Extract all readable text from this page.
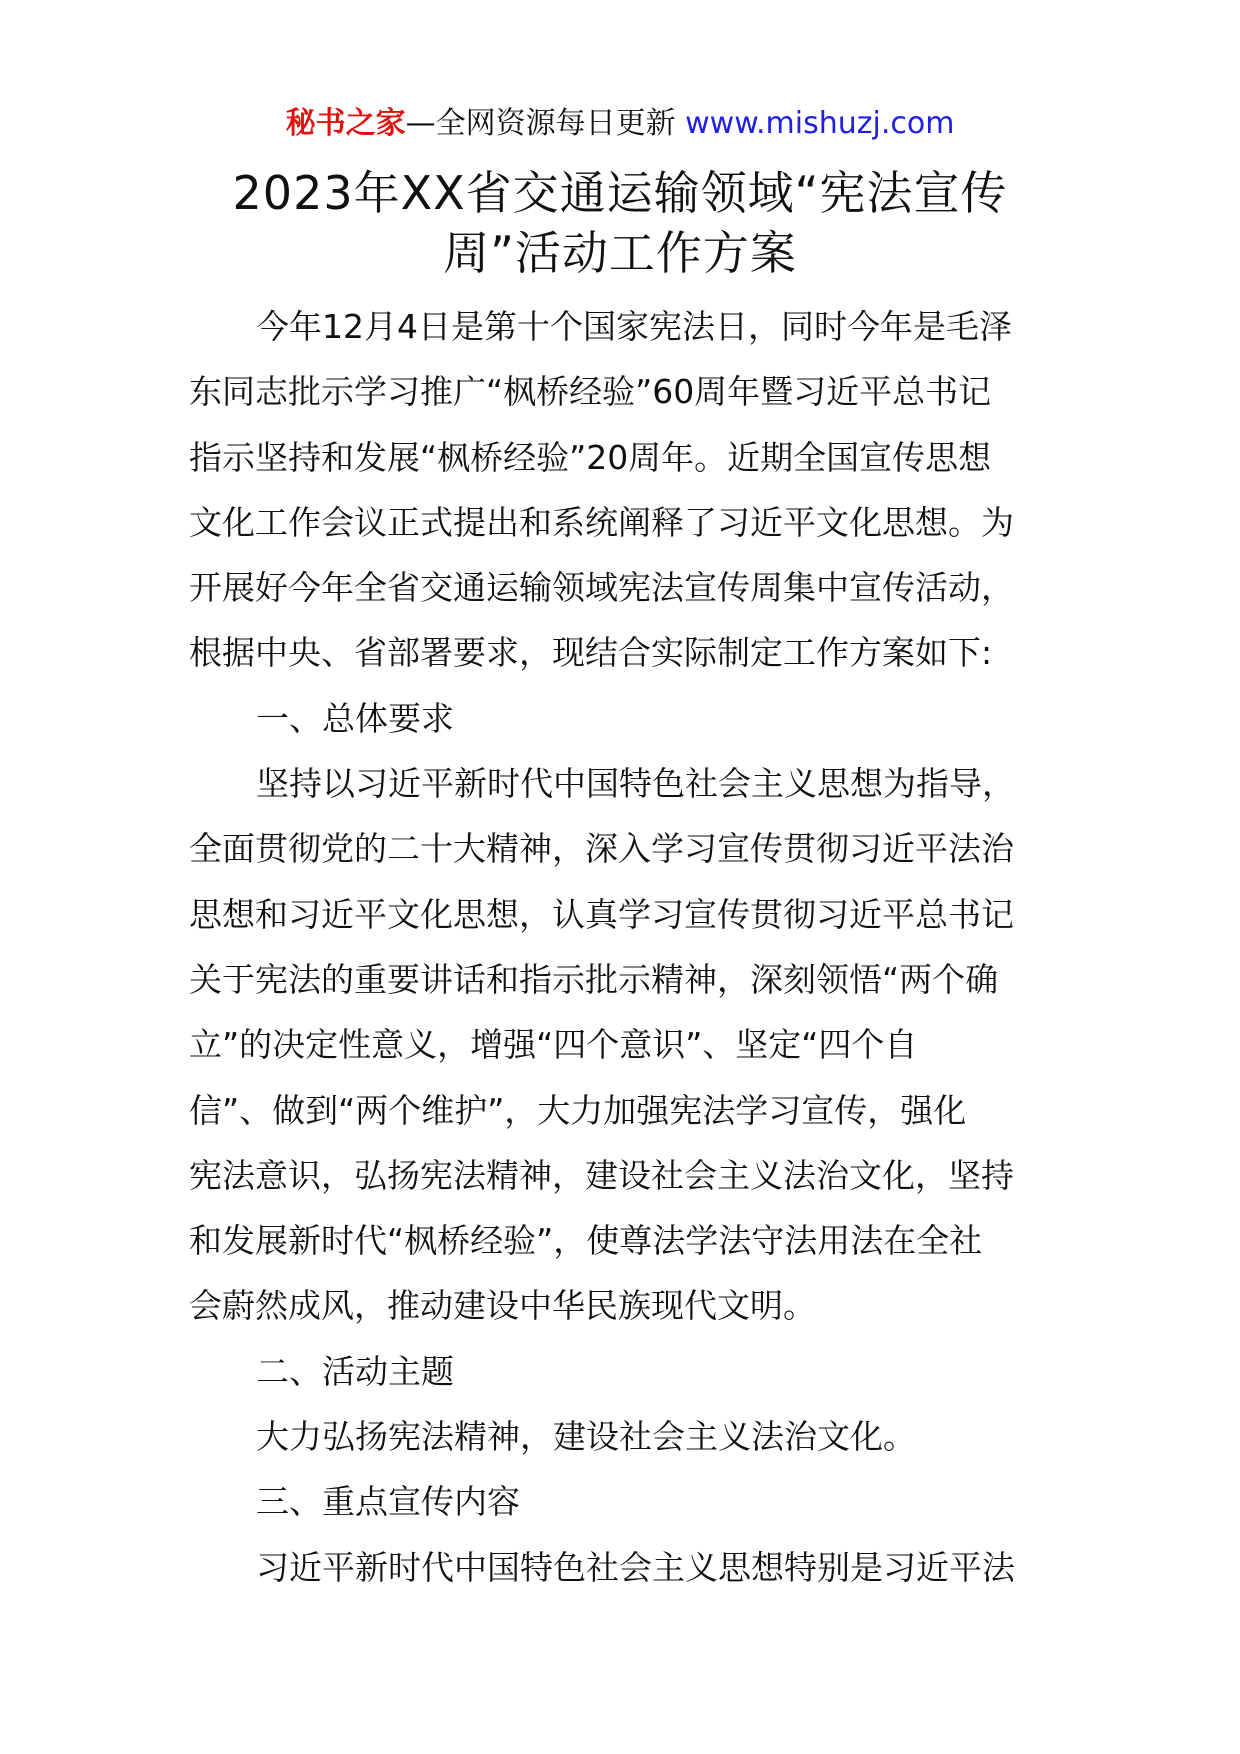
秘书之家—全网资源每日更新 www.mishuzj.com
2023年XX省交通运输领域“宪法宣传
周”活动工作方案
今年12月4日是第十个国家宪法日，同时今年是毛泽
东同志批示学习推广“枫桥经验”60周年暨习近平总书记
指示坚持和发展“枫桥经验”20周年。近期全国宣传思想
文化工作会议正式提出和系统阐释了习近平文化思想。为
开展好今年全省交通运输领域宪法宣传周集中宣传活动，
根据中央、省部署要求，现结合实际制定工作方案如下:
一、总体要求
坚持以习近平新时代中国特色社会主义思想为指导，
全面贯彻党的二十大精神，深入学习宣传贯彻习近平法治
思想和习近平文化思想，认真学习宣传贯彻习近平总书记
关于宪法的重要讲话和指示批示精神，深刻领悟“两个确
立”的决定性意义，增强“四个意识”、坚定“四个自
信”、做到“两个维护”，大力加强宪法学习宣传，强化
宪法意识，弘扬宪法精神，建设社会主义法治文化，坚持
和发展新时代“枫桥经验”，使尊法学法守法用法在全社
会蔚然成风，推动建设中华民族现代文明。
二、活动主题
大力弘扬宪法精神，建设社会主义法治文化。
三、重点宣传内容
习近平新时代中国特色社会主义思想特别是习近平法
